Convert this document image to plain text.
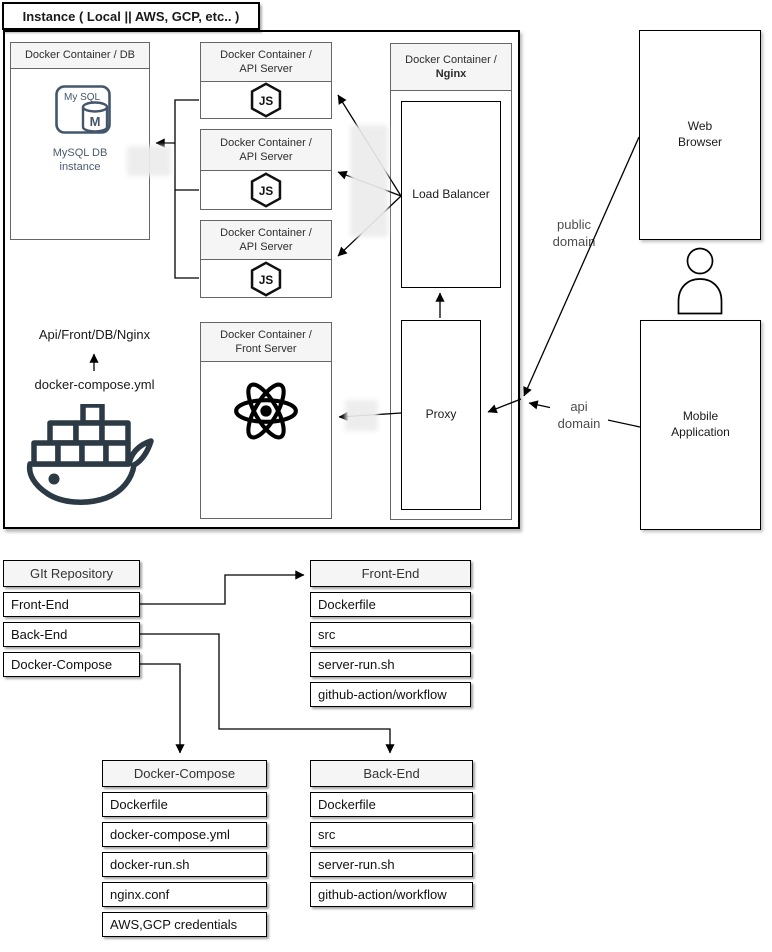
Instance ( Local || AWS, GCP, etc.. )
Docker Container / DB
My SQL
M
MySQL DB
instance
Docker Container /
API Server
JS
Docker Container /
API Server
JS
Docker Container /
API Server
JS
Docker Container /
Nginx
Load Balancer
Proxy
Docker Container /
Front Server
Api/Front/DB/Nginx
docker-compose.yml
Web
Browser
Mobile
Application
public
domain
api
domain
GIt Repository
Front-End
Back-End
Docker-Compose
Front-End
Dockerfile
src
server-run.sh
github-action/workflow
Docker-Compose
Dockerfile
docker-compose.yml
docker-run.sh
nginx.conf
AWS,GCP credentials
Back-End
Dockerfile
src
server-run.sh
github-action/workflow
